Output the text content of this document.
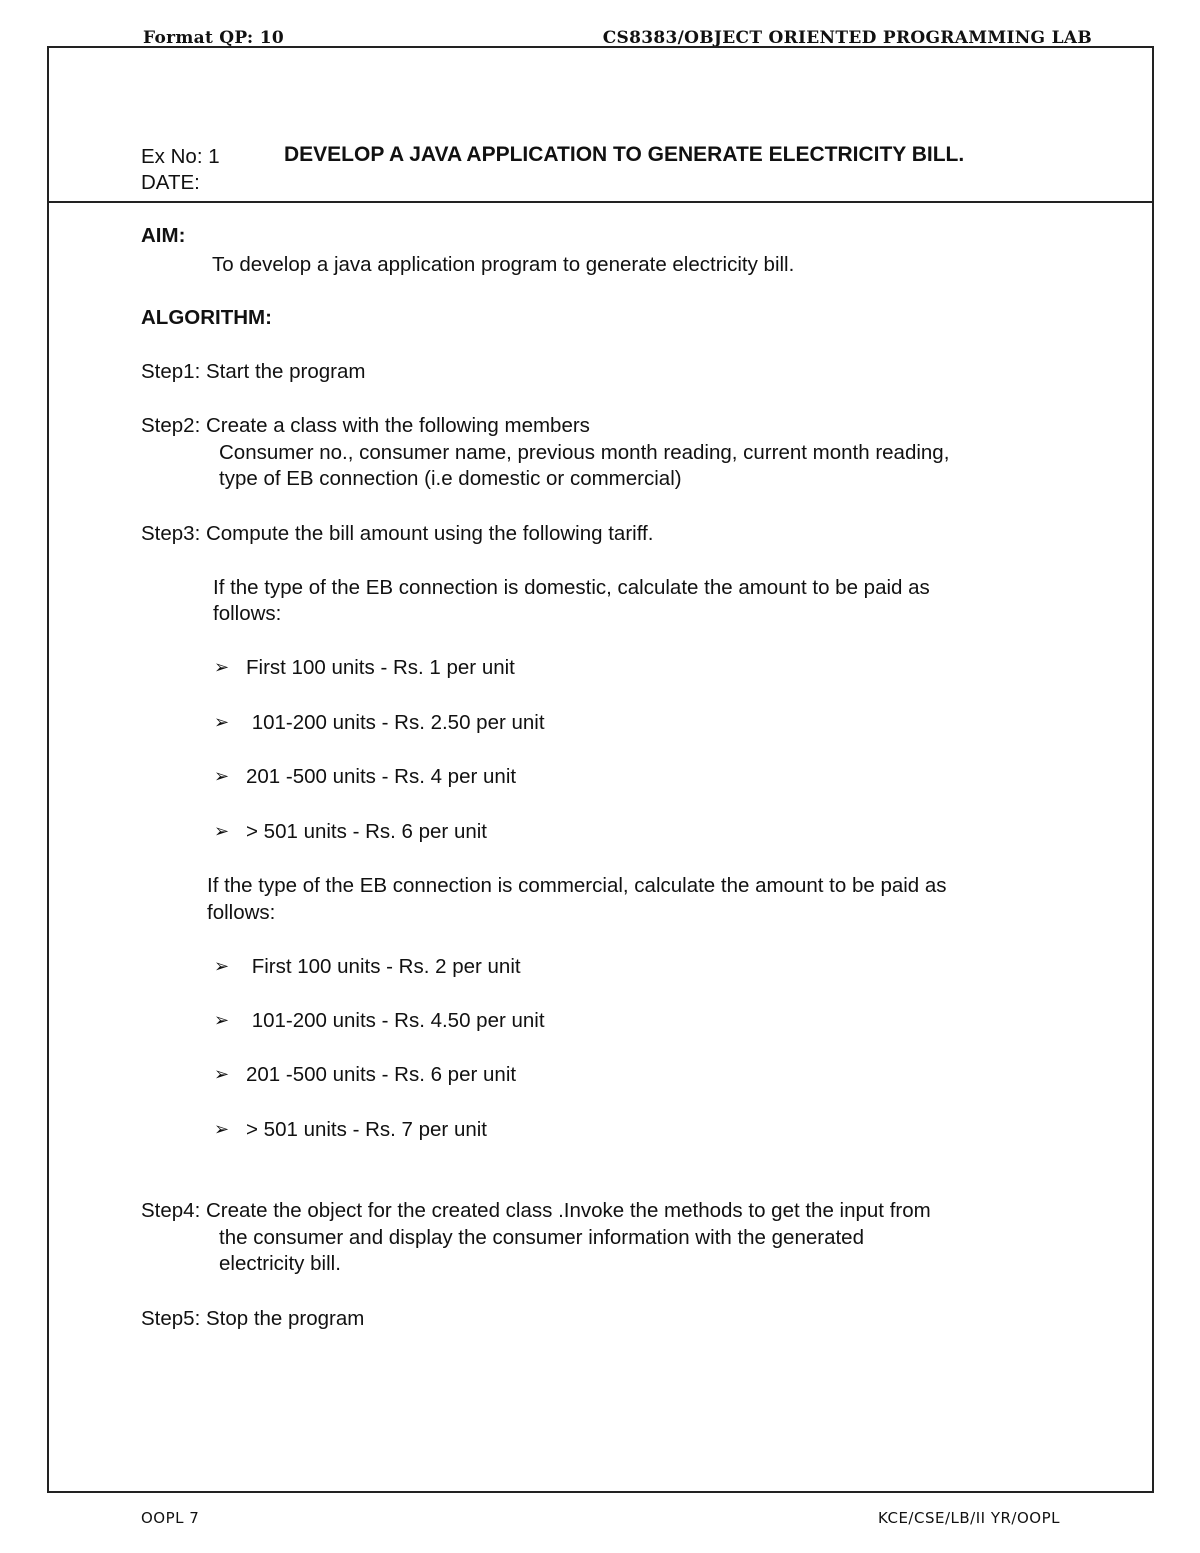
Format QP: 10	CS8383/OBJECT ORIENTED PROGRAMMING LAB
Ex No: 1	DEVELOP A JAVA APPLICATION TO GENERATE ELECTRICITY BILL.
DATE:
AIM:
To develop a java application program to generate electricity bill.
ALGORITHM:
Step1: Start the program
Step2: Create a class with the following members
Consumer no., consumer name, previous month reading, current month reading,
type of EB connection (i.e domestic or commercial)
Step3: Compute the bill amount using the following tariff.
If the type of the EB connection is domestic, calculate the amount to be paid as
follows:
➢ First 100 units - Rs. 1 per unit
➢ 101-200 units - Rs. 2.50 per unit
➢ 201 -500 units - Rs. 4 per unit
➢ > 501 units - Rs. 6 per unit
If the type of the EB connection is commercial, calculate the amount to be paid as
follows:
➢ First 100 units - Rs. 2 per unit
➢ 101-200 units - Rs. 4.50 per unit
➢ 201 -500 units - Rs. 6 per unit
➢ > 501 units - Rs. 7 per unit
Step4: Create the object for the created class .Invoke the methods to get the input from
the consumer and display the consumer information with the generated
electricity bill.
Step5: Stop the program
OOPL 7	KCE/CSE/LB/II YR/OOPL
